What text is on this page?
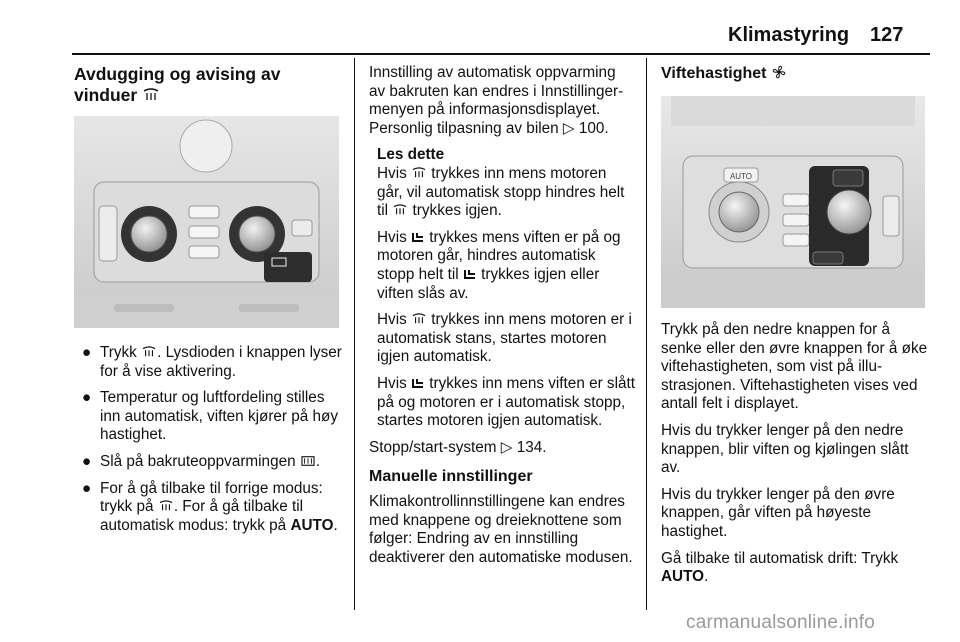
Klimastyring 127
Avdugging og avising av
vinduer
● Trykk . Lysdioden i knappen lyser for å vise aktivering.
● Temperatur og luftfordeling stilles inn automatisk, viften kjører på høy hastighet.
● Slå på bakruteoppvarmingen .
● For å gå tilbake til forrige modus: trykk på . For å gå tilbake til automatisk modus: trykk på AUTO.

Innstilling av automatisk oppvarming av bakruten kan endres i Innstillinger-menyen på informasjonsdisplayet. Personlig tilpasning av bilen ▷ 100.

Les dette

Hvis  trykkes inn mens motoren går, vil automatisk stopp hindres helt til  trykkes igjen.

Hvis  trykkes mens viften er på og motoren går, hindres automatisk stopp helt til  trykkes igjen eller viften slås av.

Hvis  trykkes inn mens motoren er i automatisk stans, startes motoren igjen automatisk.

Hvis  trykkes inn mens viften er slått på og motoren er i automatisk stopp, startes motoren igjen automatisk.

Stopp/start-system ▷ 134.

Manuelle innstillinger

Klimakontrollinnstillingene kan endres med knappene og dreieknottene som følger: Endring av en innstilling deaktiverer den automatiske modusen.

Viftehastighet
AUTO

Trykk på den nedre knappen for å senke eller den øvre knappen for å øke viftehastigheten, som vist på illustrasjonen. Viftehastigheten vises ved antall felt i displayet.

Hvis du trykker lenger på den nedre knappen, blir viften og kjølingen slått av.

Hvis du trykker lenger på den øvre knappen, går viften på høyeste hastighet.

Gå tilbake til automatisk drift: Trykk AUTO.

carmanualsonline.info
